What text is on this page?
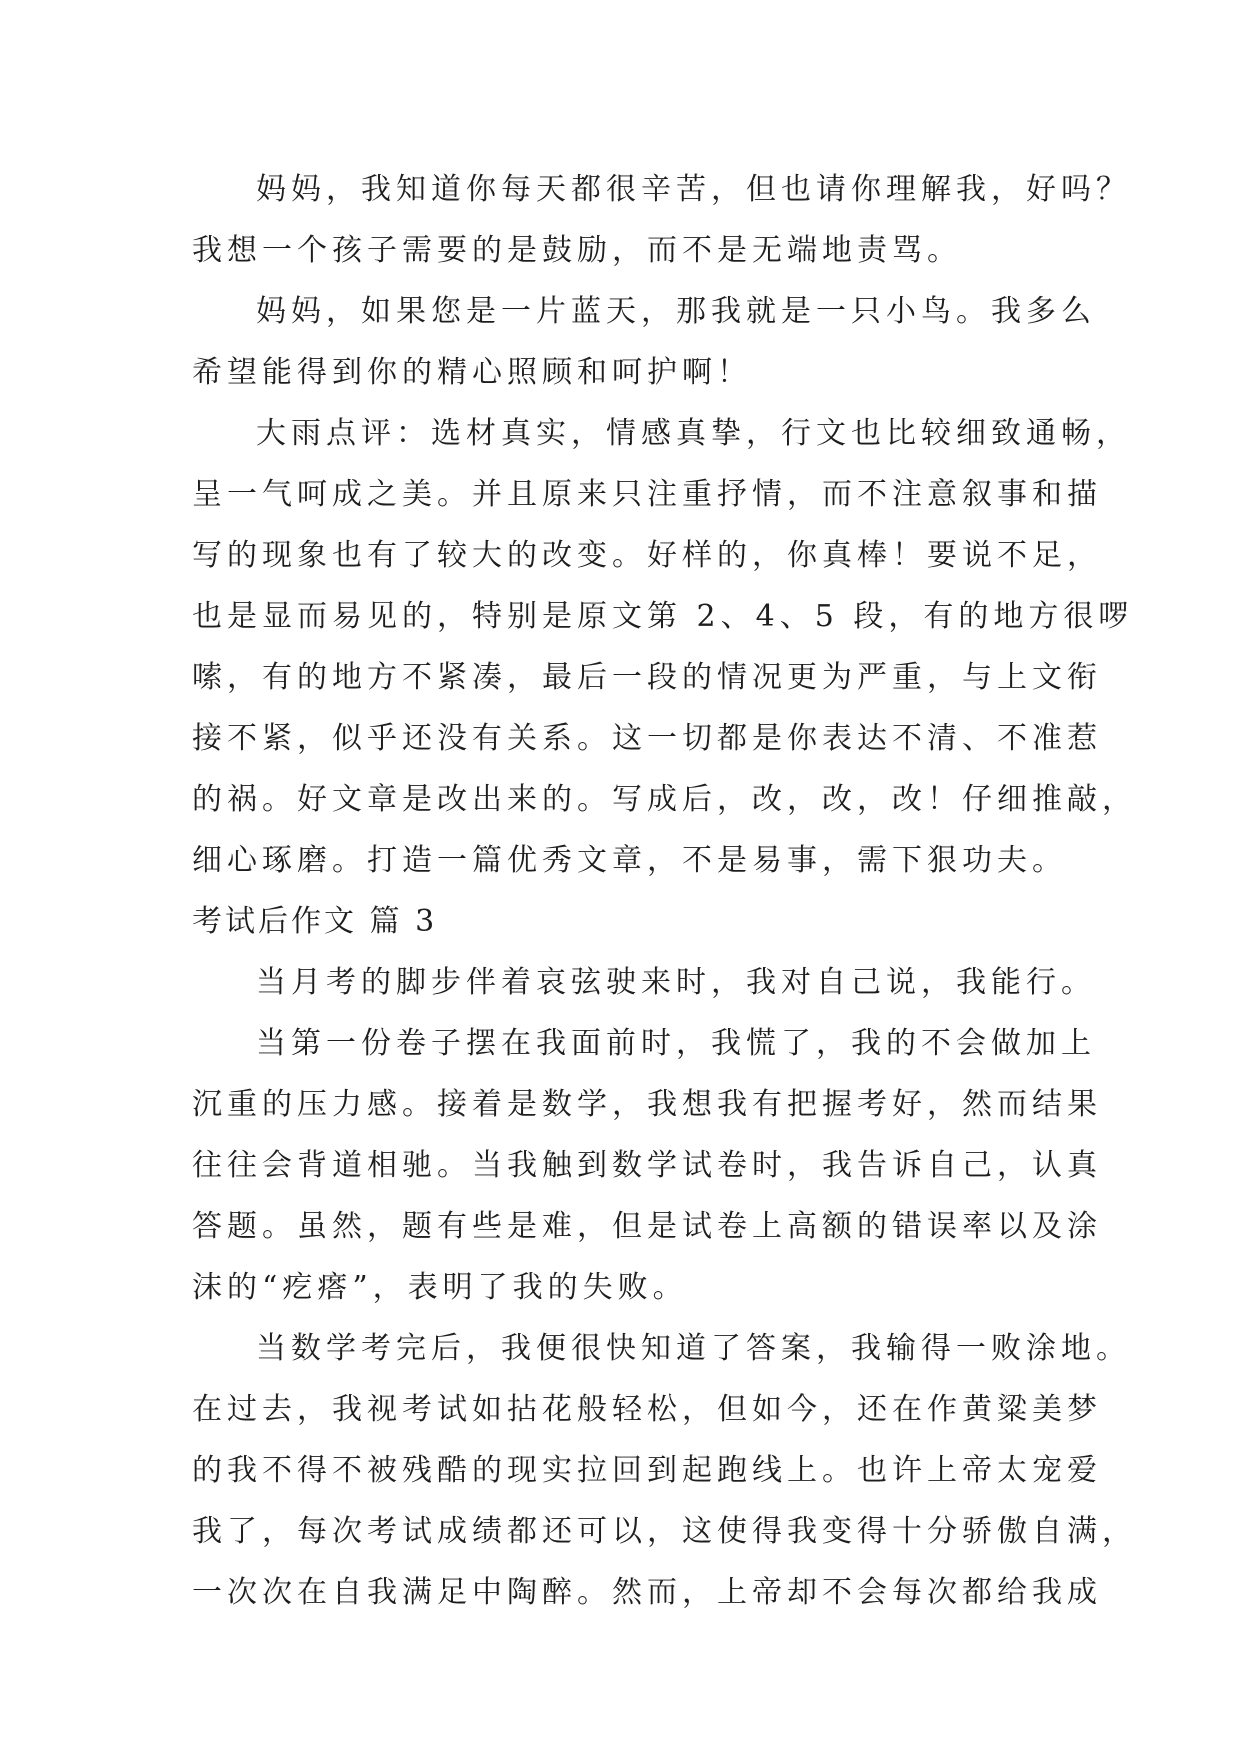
妈妈，我知道你每天都很辛苦，但也请你理解我，好吗？
我想一个孩子需要的是鼓励，而不是无端地责骂。
妈妈，如果您是一片蓝天，那我就是一只小鸟。我多么
希望能得到你的精心照顾和呵护啊！
大雨点评：选材真实，情感真挚，行文也比较细致通畅，
呈一气呵成之美。并且原来只注重抒情，而不注意叙事和描
写的现象也有了较大的改变。好样的，你真棒！要说不足，
也是显而易见的，特别是原文第 2、4、5 段，有的地方很啰
嗦，有的地方不紧凑，最后一段的情况更为严重，与上文衔
接不紧，似乎还没有关系。这一切都是你表达不清、不准惹
的祸。好文章是改出来的。写成后，改，改，改！仔细推敲，
细心琢磨。打造一篇优秀文章，不是易事，需下狠功夫。
考试后作文 篇 3
当月考的脚步伴着哀弦驶来时，我对自己说，我能行。
当第一份卷子摆在我面前时，我慌了，我的不会做加上
沉重的压力感。接着是数学，我想我有把握考好，然而结果
往往会背道相驰。当我触到数学试卷时，我告诉自己，认真
答题。虽然，题有些是难，但是试卷上高额的错误率以及涂
沫的“疙瘩”，表明了我的失败。
当数学考完后，我便很快知道了答案，我输得一败涂地。
在过去，我视考试如拈花般轻松，但如今，还在作黄粱美梦
的我不得不被残酷的现实拉回到起跑线上。也许上帝太宠爱
我了，每次考试成绩都还可以，这使得我变得十分骄傲自满，
一次次在自我满足中陶醉。然而，上帝却不会每次都给我成
